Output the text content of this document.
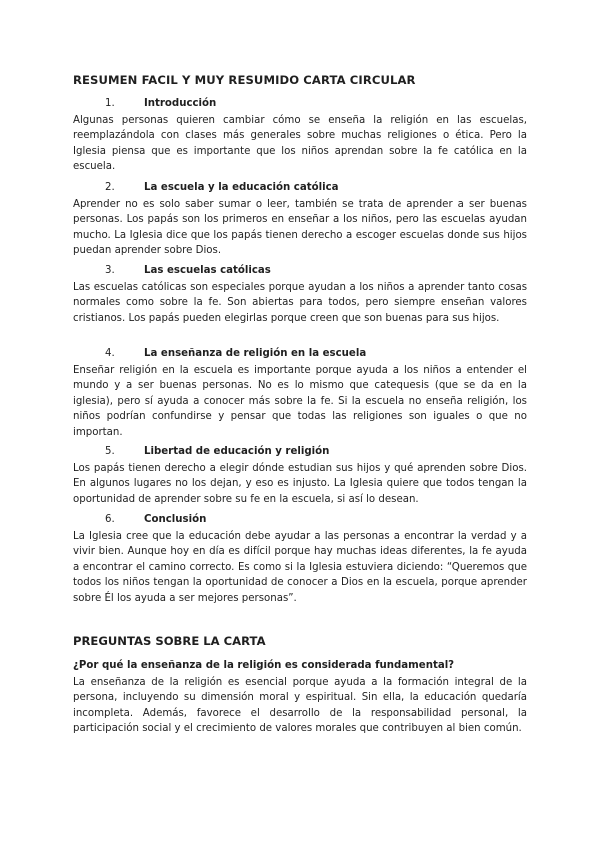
RESUMEN FACIL Y MUY RESUMIDO CARTA CIRCULAR
1.	Introducción

Algunas personas quieren cambiar cómo se enseña la religión en las escuelas, reemplazándola con clases más generales sobre muchas religiones o ética. Pero la Iglesia piensa que es importante que los niños aprendan sobre la fe católica en la escuela.

2.	La escuela y la educación católica

Aprender no es solo saber sumar o leer, también se trata de aprender a ser buenas personas. Los papás son los primeros en enseñar a los niños, pero las escuelas ayudan mucho. La Iglesia dice que los papás tienen derecho a escoger escuelas donde sus hijos puedan aprender sobre Dios.

3.	Las escuelas católicas

Las escuelas católicas son especiales porque ayudan a los niños a aprender tanto cosas normales como sobre la fe. Son abiertas para todos, pero siempre enseñan valores cristianos. Los papás pueden elegirlas porque creen que son buenas para sus hijos.

4.	La enseñanza de religión en la escuela

Enseñar religión en la escuela es importante porque ayuda a los niños a entender el mundo y a ser buenas personas. No es lo mismo que catequesis (que se da en la iglesia), pero sí ayuda a conocer más sobre la fe. Si la escuela no enseña religión, los niños podrían confundirse y pensar que todas las religiones son iguales o que no importan.

5.	Libertad de educación y religión

Los papás tienen derecho a elegir dónde estudian sus hijos y qué aprenden sobre Dios. En algunos lugares no los dejan, y eso es injusto. La Iglesia quiere que todos tengan la oportunidad de aprender sobre su fe en la escuela, si así lo desean.

6.	Conclusión

La Iglesia cree que la educación debe ayudar a las personas a encontrar la verdad y a vivir bien. Aunque hoy en día es difícil porque hay muchas ideas diferentes, la fe ayuda a encontrar el camino correcto. Es como si la Iglesia estuviera diciendo: “Queremos que todos los niños tengan la oportunidad de conocer a Dios en la escuela, porque aprender sobre Él los ayuda a ser mejores personas”.

PREGUNTAS SOBRE LA CARTA

¿Por qué la enseñanza de la religión es considerada fundamental?

La enseñanza de la religión es esencial porque ayuda a la formación integral de la persona, incluyendo su dimensión moral y espiritual. Sin ella, la educación quedaría incompleta. Además, favorece el desarrollo de la responsabilidad personal, la participación social y el crecimiento de valores morales que contribuyen al bien común.
